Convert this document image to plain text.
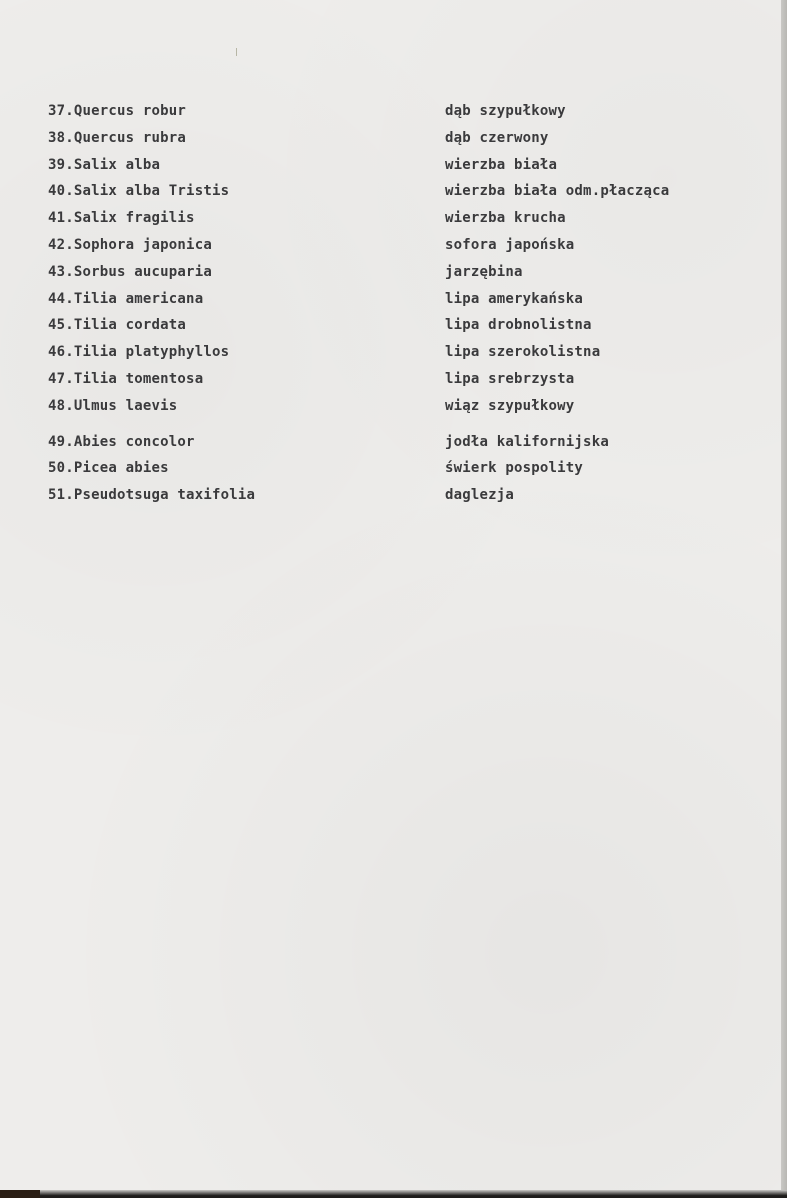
37.Quercus robur	dąb szypułkowy
38.Quercus rubra	dąb czerwony
39.Salix alba	wierzba biała
40.Salix alba Tristis	wierzba biała odm.płacząca
41.Salix fragilis	wierzba krucha
42.Sophora japonica	sofora japońska
43.Sorbus aucuparia	jarzębina
44.Tilia americana	lipa amerykańska
45.Tilia cordata	lipa drobnolistna
46.Tilia platyphyllos	lipa szerokolistna
47.Tilia tomentosa	lipa srebrzysta
48.Ulmus laevis	wiąz szypułkowy
49.Abies concolor	jodła kalifornijska
50.Picea abies	świerk pospolity
51.Pseudotsuga taxifolia	daglezja
